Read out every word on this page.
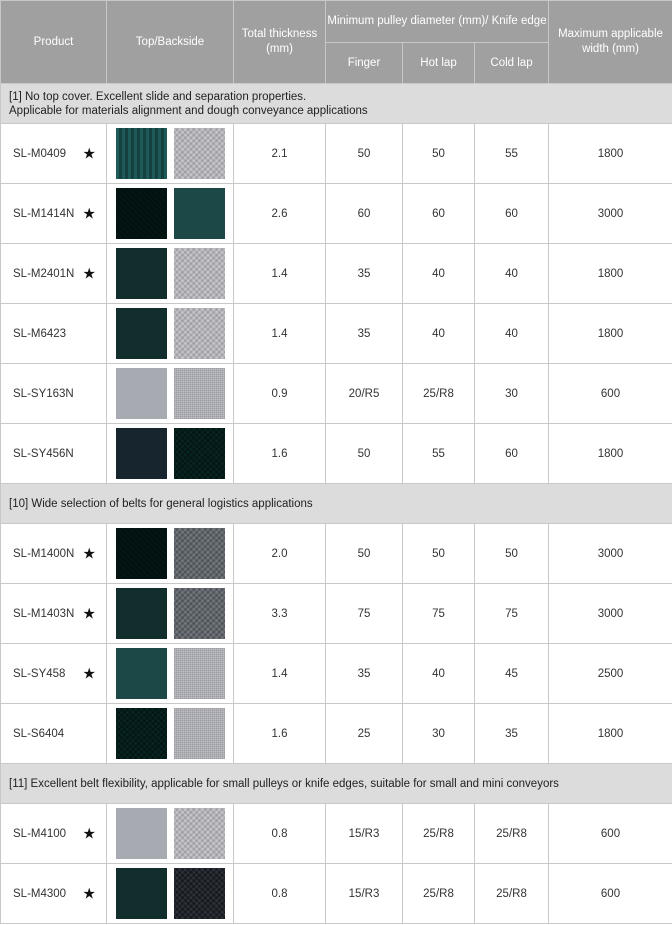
Product	Top/Backside	Total thickness (mm)	Minimum pulley diameter (mm)/ Knife edge			Maximum applicable width (mm)
			Finger	Hot lap	Cold lap	

[1] No top cover. Excellent slide and separation properties.
Applicable for materials alignment and dough conveyance applications						

SL-M0409 ★		2.1	50	50	55	1800
SL-M1414N ★		2.6	60	60	60	3000
SL-M2401N ★		1.4	35	40	40	1800
SL-M6423		1.4	35	40	40	1800
SL-SY163N		0.9	20/R5	25/R8	30	600
SL-SY456N		1.6	50	55	60	1800

[10] Wide selection of belts for general logistics applications						

SL-M1400N ★		2.0	50	50	50	3000
SL-M1403N ★		3.3	75	75	75	3000
SL-SY458 ★		1.4	35	40	45	2500
SL-S6404		1.6	25	30	35	1800

[11] Excellent belt flexibility, applicable for small pulleys or knife edges, suitable for small and mini conveyors						

SL-M4100 ★		0.8	15/R3	25/R8	25/R8	600
SL-M4300 ★		0.8	15/R3	25/R8	25/R8	600
